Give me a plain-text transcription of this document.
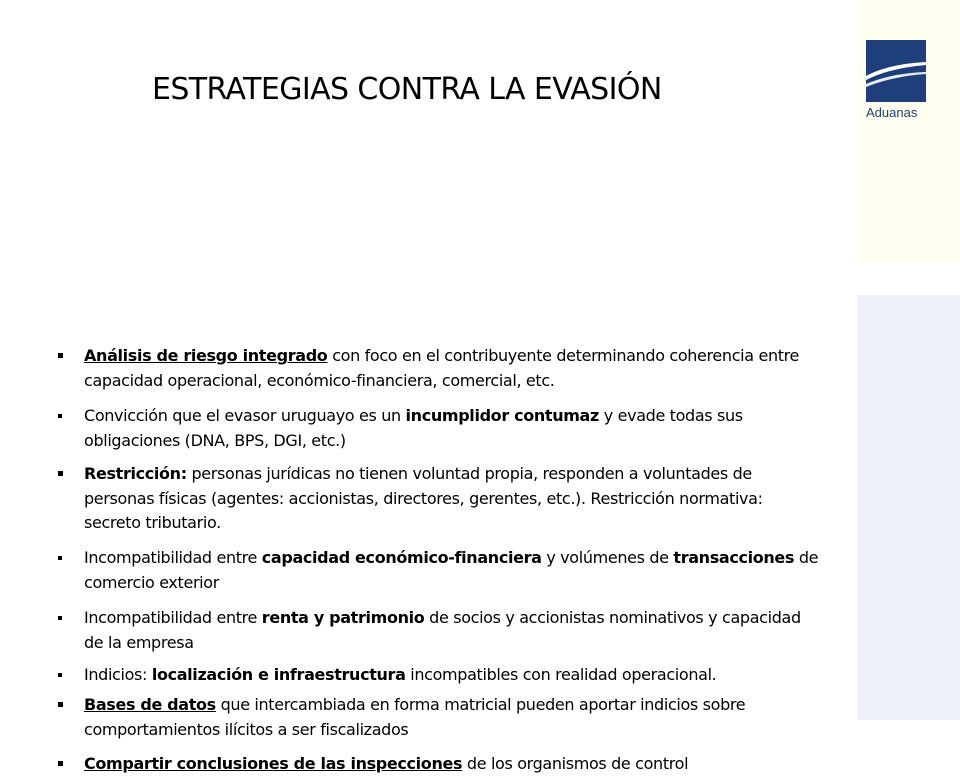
ESTRATEGIAS CONTRA LA EVASIÓN
Análisis de riesgo integrado con foco en el contribuyente determinando coherencia entre capacidad operacional, económico-financiera, comercial, etc.
Convicción que el evasor uruguayo es un incumplidor contumaz y evade todas sus obligaciones (DNA, BPS, DGI, etc.)
Restricción: personas jurídicas no tienen voluntad propia, responden a voluntades de personas físicas (agentes: accionistas, directores, gerentes, etc.). Restricción normativa: secreto tributario.
Incompatibilidad entre capacidad económico-financiera y volúmenes de transacciones de comercio exterior
Incompatibilidad entre renta y patrimonio de socios y accionistas nominativos y capacidad de la empresa
Indicios: localización e infraestructura incompatibles con realidad operacional.
Bases de datos que intercambiada en forma matricial pueden aportar indicios sobre comportamientos ilícitos a ser fiscalizados
Compartir conclusiones de las inspecciones de los organismos de control
Aduanas
